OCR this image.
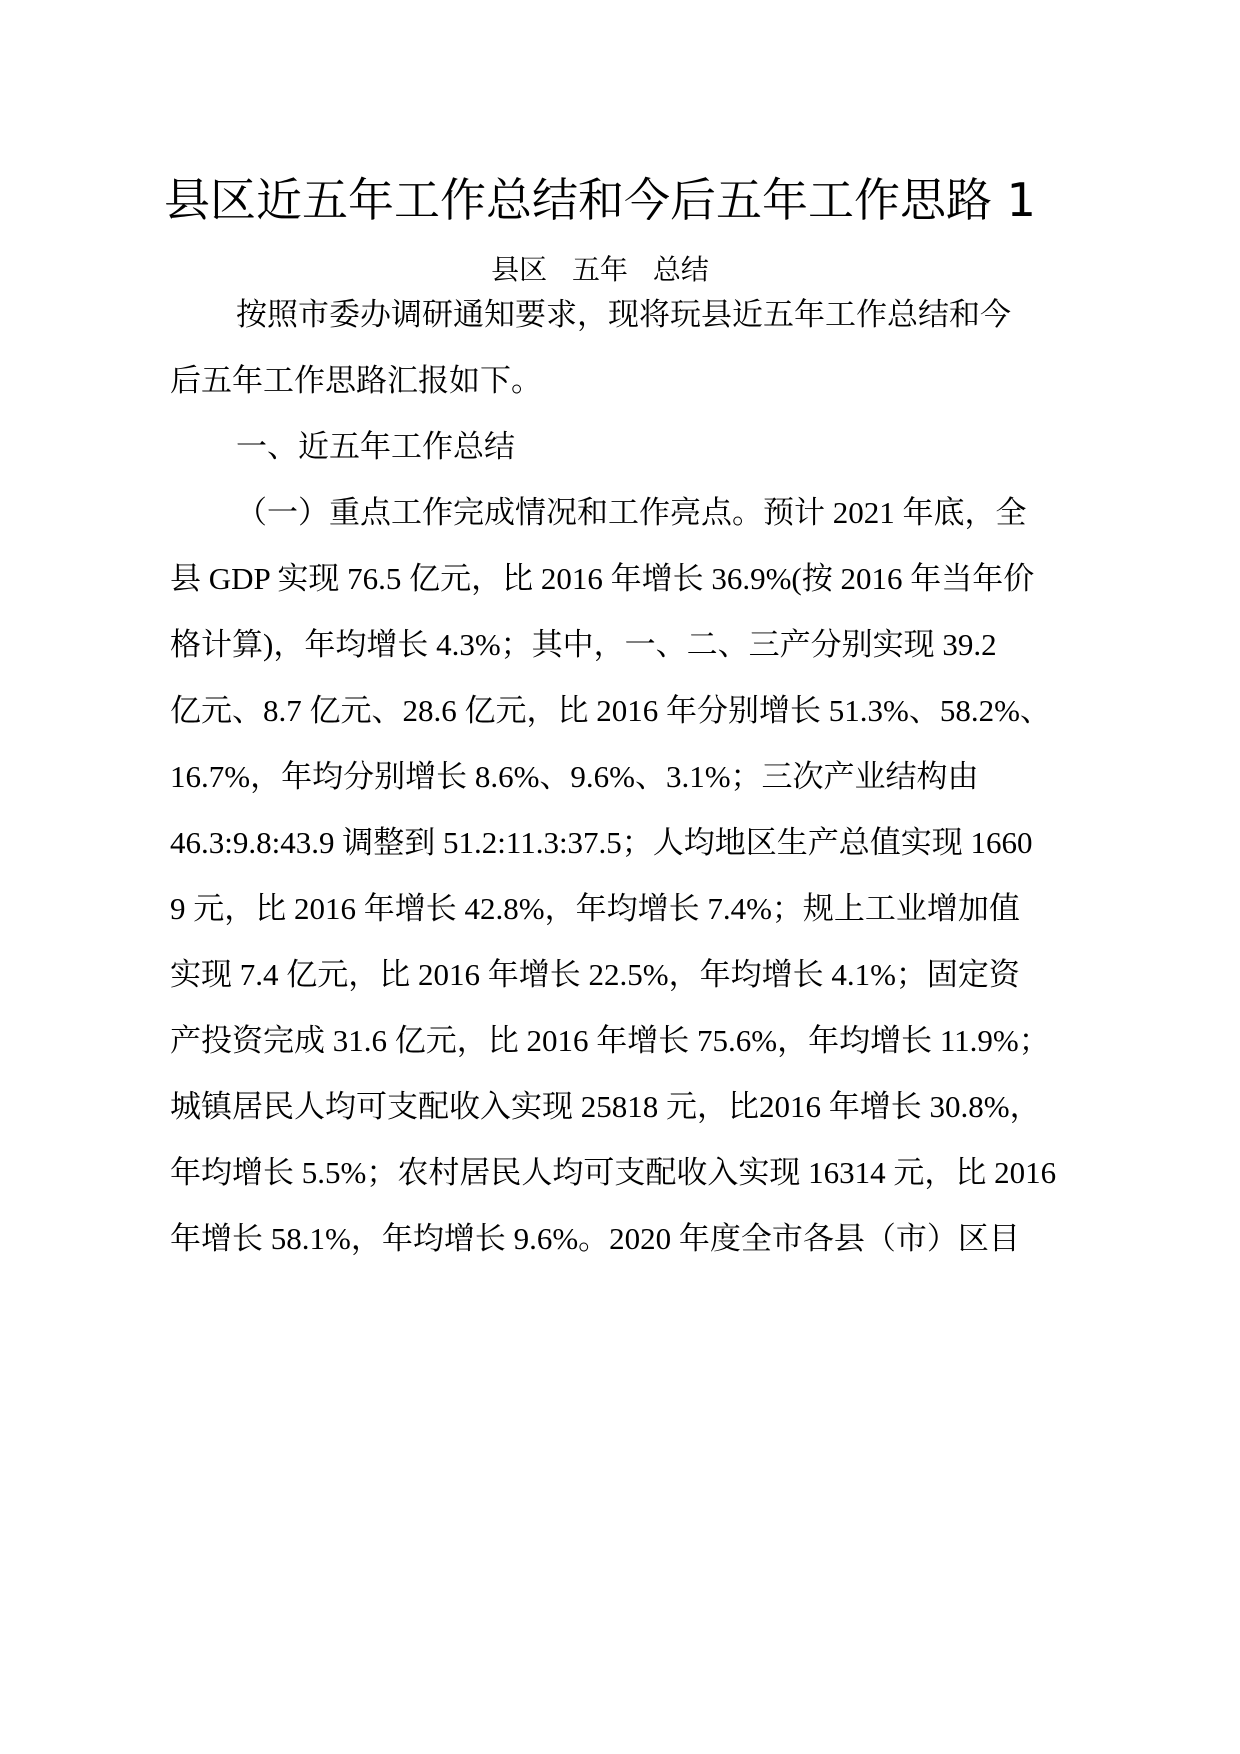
县区近五年工作总结和今后五年工作思路 1
县区 五年 总结
按照市委办调研通知要求，现将玩县近五年工作总结和今
后五年工作思路汇报如下。
一、近五年工作总结
（一）重点工作完成情况和工作亮点。预计 2021 年底，全
县 GDP 实现 76.5 亿元，比 2016 年增长 36.9%(按 2016 年当年价
格计算)，年均增长 4.3%；其中，一、二、三产分别实现 39.2
亿元、8.7 亿元、28.6 亿元，比 2016 年分别增长 51.3%、58.2%、
16.7%，年均分别增长 8.6%、9.6%、3.1%；三次产业结构由
46.3:9.8:43.9 调整到 51.2:11.3:37.5；人均地区生产总值实现 1660
9 元，比 2016 年增长 42.8%，年均增长 7.4%；规上工业增加值
实现 7.4 亿元，比 2016 年增长 22.5%，年均增长 4.1%；固定资
产投资完成 31.6 亿元，比 2016 年增长 75.6%，年均增长 11.9%；
城镇居民人均可支配收入实现 25818 元，比2016 年增长 30.8%，
年均增长 5.5%；农村居民人均可支配收入实现 16314 元，比 2016
年增长 58.1%，年均增长 9.6%。2020 年度全市各县（市）区目
